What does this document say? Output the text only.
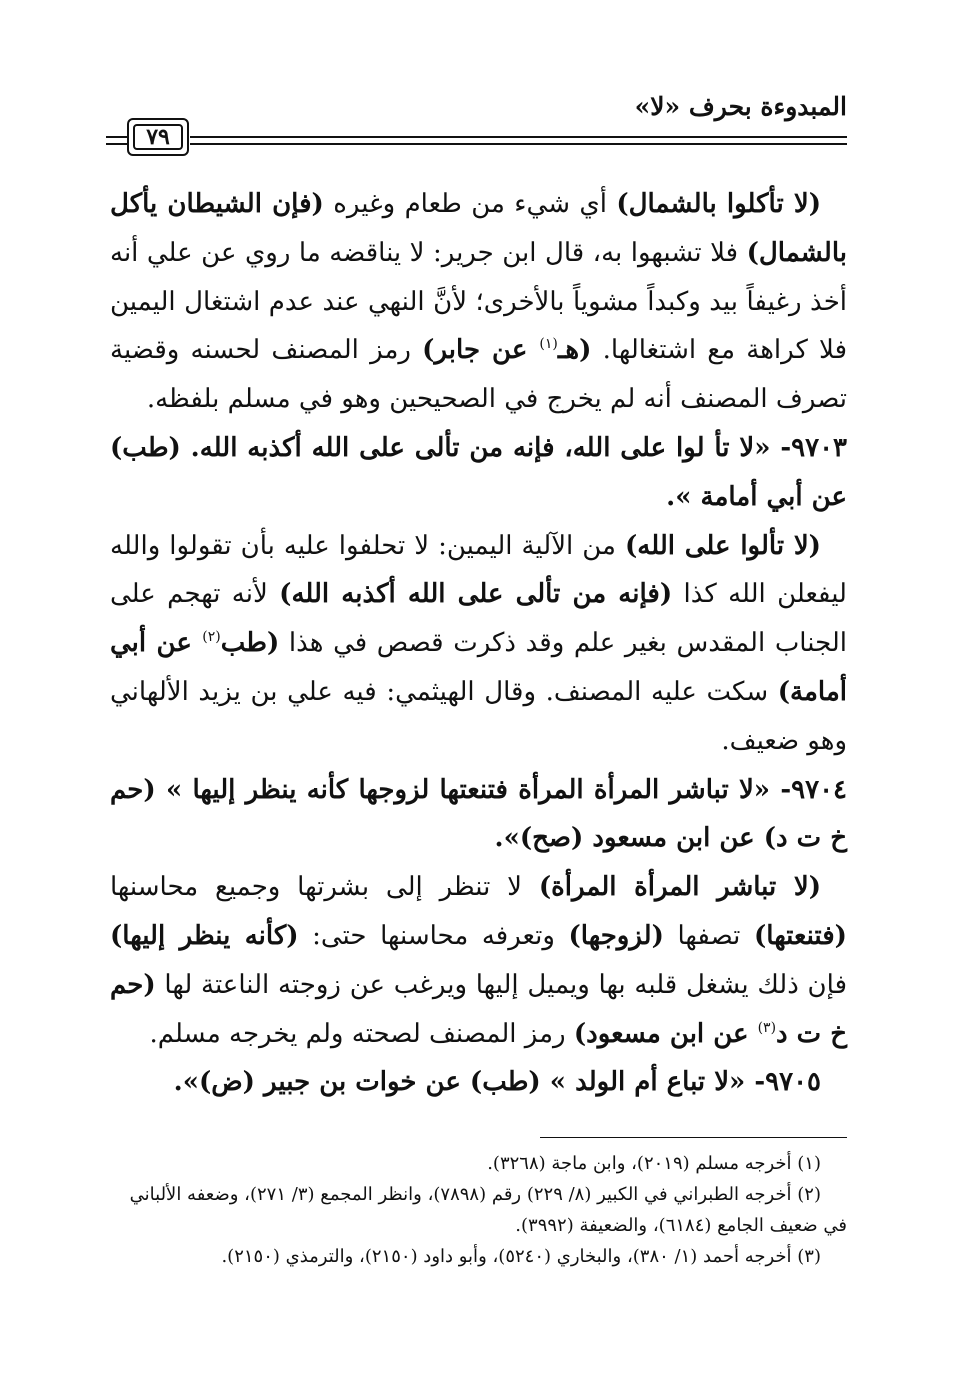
المبدوءة بحرف «لا»
٧٩

(لا تأكلوا بالشمال) أي شيء من طعام وغيره (فإن الشيطان يأكل بالشمال) فلا تشبهوا به، قال ابن جرير: لا يناقضه ما روي عن علي أنه أخذ رغيفاً بيد وكبداً مشوياً بالأخرى؛ لأنَّ النهي عند عدم اشتغال اليمين فلا كراهة مع اشتغالها. (هـ$^{(١)}$ عن جابر) رمز المصنف لحسنه وقضية تصرف المصنف أنه لم يخرج في الصحيحين وهو في مسلم بلفظه.

٩٧٠٣- «لا تأ لوا على الله، فإنه من تألى على الله أكذبه الله. (طب) عن أبي أمامة ».

(لا تألوا على الله) من الآلية اليمين: لا تحلفوا عليه بأن تقولوا والله ليفعلن الله كذا (فإنه من تألى على الله أكذبه الله) لأنه تهجم على الجناب المقدس بغير علم وقد ذكرت قصص في هذا (طب$^{(٢)}$ عن أبي أمامة) سكت عليه المصنف. وقال الهيثمي: فيه علي بن يزيد الألهاني وهو ضعيف.

٩٧٠٤- «لا تباشر المرأة المرأة فتنعتها لزوجها كأنه ينظر إليها » (حم خ ت د) عن ابن مسعود (صح)».

(لا تباشر المرأة المرأة) لا تنظر إلى بشرتها وجميع محاسنها (فتنعتها) تصفها (لزوجها) وتعرفه محاسنها حتى: (كأنه ينظر إليها) فإن ذلك يشغل قلبه بها ويميل إليها ويرغب عن زوجته الناعتة لها (حم خ ت د$^{(٣)}$ عن ابن مسعود) رمز المصنف لصحته ولم يخرجه مسلم.

٩٧٠٥- «لا تباع أم الولد » (طب) عن خوات بن جبير (ض)».

(١) أخرجه مسلم (٢٠١٩)، وابن ماجة (٣٢٦٨).

(٢) أخرجه الطبراني في الكبير (٨/ ٢٢٩) رقم (٧٨٩٨)، وانظر المجمع (٣/ ٢٧١)، وضعفه الألباني في ضعيف الجامع (٦١٨٤)، والضعيفة (٣٩٩٢).

(٣) أخرجه أحمد (١/ ٣٨٠)، والبخاري (٥٢٤٠)، وأبو داود (٢١٥٠)، والترمذي (٢١٥٠).
